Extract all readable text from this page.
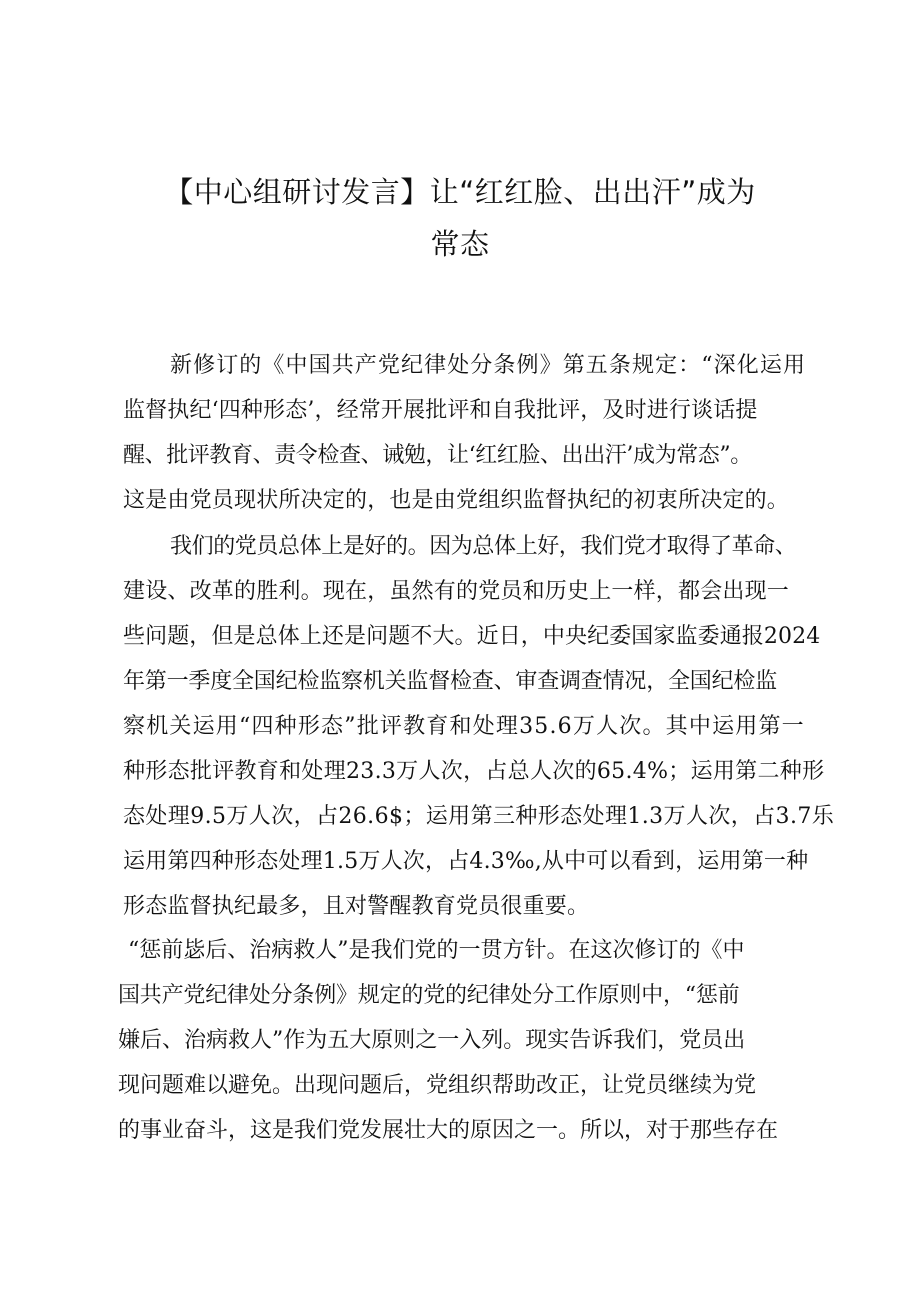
【中心组研讨发言】让“红红脸、出出汗”成为
常态

新修订的《中国共产党纪律处分条例》第五条规定：“深化运用

监督执纪‘四种形态’，经常开展批评和自我批评，及时进行谈话提

醒、批评教育、责令检查、诫勉，让‘红红脸、出出汗’成为常态”。

这是由党员现状所决定的，也是由党组织监督执纪的初衷所决定的。

我们的党员总体上是好的。因为总体上好，我们党才取得了革命、

建设、改革的胜利。现在，虽然有的党员和历史上一样，都会出现一

些问题，但是总体上还是问题不大。近日，中央纪委国家监委通报2024

年第一季度全国纪检监察机关监督检查、审查调查情况，全国纪检监

察机关运用“四种形态”批评教育和处理35.6万人次。其中运用第一

种形态批评教育和处理23.3万人次，占总人次的65.4%；运用第二种形

态处理9.5万人次，占26.6$；运用第三种形态处理1.3万人次，占3.7乐

运用第四种形态处理1.5万人次，占4.3‰,从中可以看到，运用第一种

形态监督执纪最多，且对警醒教育党员很重要。

“惩前毖后、治病救人”是我们党的一贯方针。在这次修订的《中

国共产党纪律处分条例》规定的党的纪律处分工作原则中，“惩前

嫌后、治病救人”作为五大原则之一入列。现实告诉我们，党员出

现问题难以避免。出现问题后，党组织帮助改正，让党员继续为党

的事业奋斗，这是我们党发展壮大的原因之一。所以，对于那些存在
